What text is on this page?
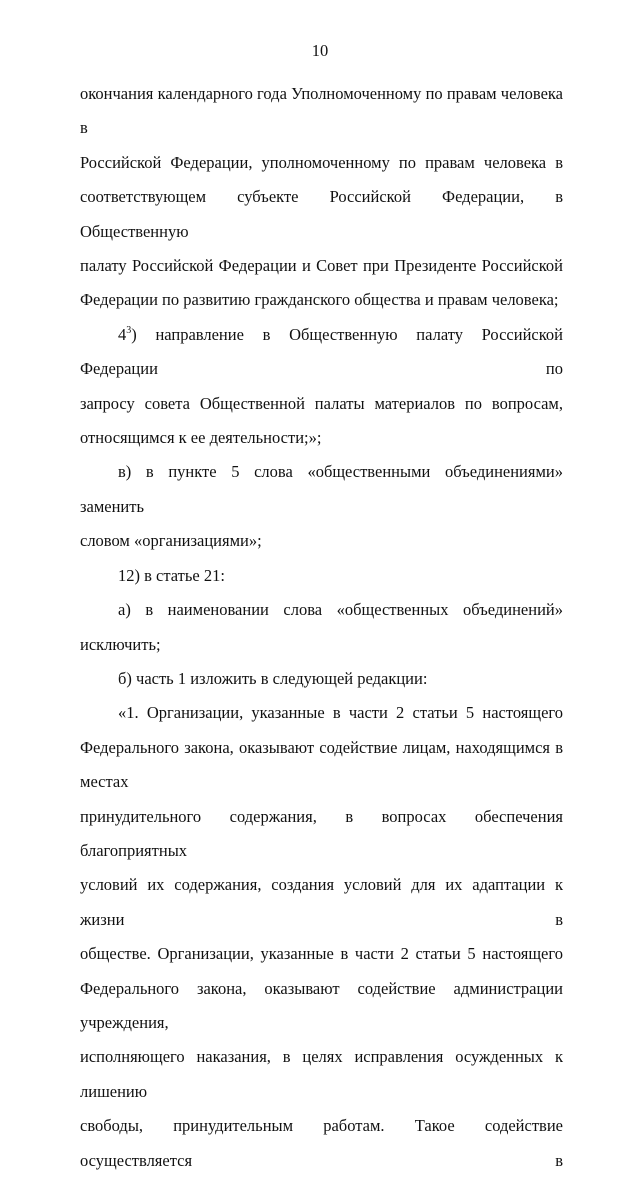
10

окончания календарного года Уполномоченному по правам человека в

Российской Федерации, уполномоченному по правам человека в

соответствующем субъекте Российской Федерации, в Общественную

палату Российской Федерации и Совет при Президенте Российской

Федерации по развитию гражданского общества и правам человека;

$4^3$) направление в Общественную палату Российской Федерации по

запросу совета Общественной палаты материалов по вопросам,

относящимся к ее деятельности;»;

в) в пункте 5 слова «общественными объединениями» заменить

словом «организациями»;

12) в статье 21:

а) в наименовании слова «общественных объединений» исключить;

б) часть 1 изложить в следующей редакции:

«1. Организации, указанные в части 2 статьи 5 настоящего

Федерального закона, оказывают содействие лицам, находящимся в местах

принудительного содержания, в вопросах обеспечения благоприятных

условий их содержания, создания условий для их адаптации к жизни в

обществе. Организации, указанные в части 2 статьи 5 настоящего

Федерального закона, оказывают содействие администрации учреждения,

исполняющего наказания, в целях исправления осужденных к лишению

свободы, принудительным работам. Такое содействие осуществляется в
